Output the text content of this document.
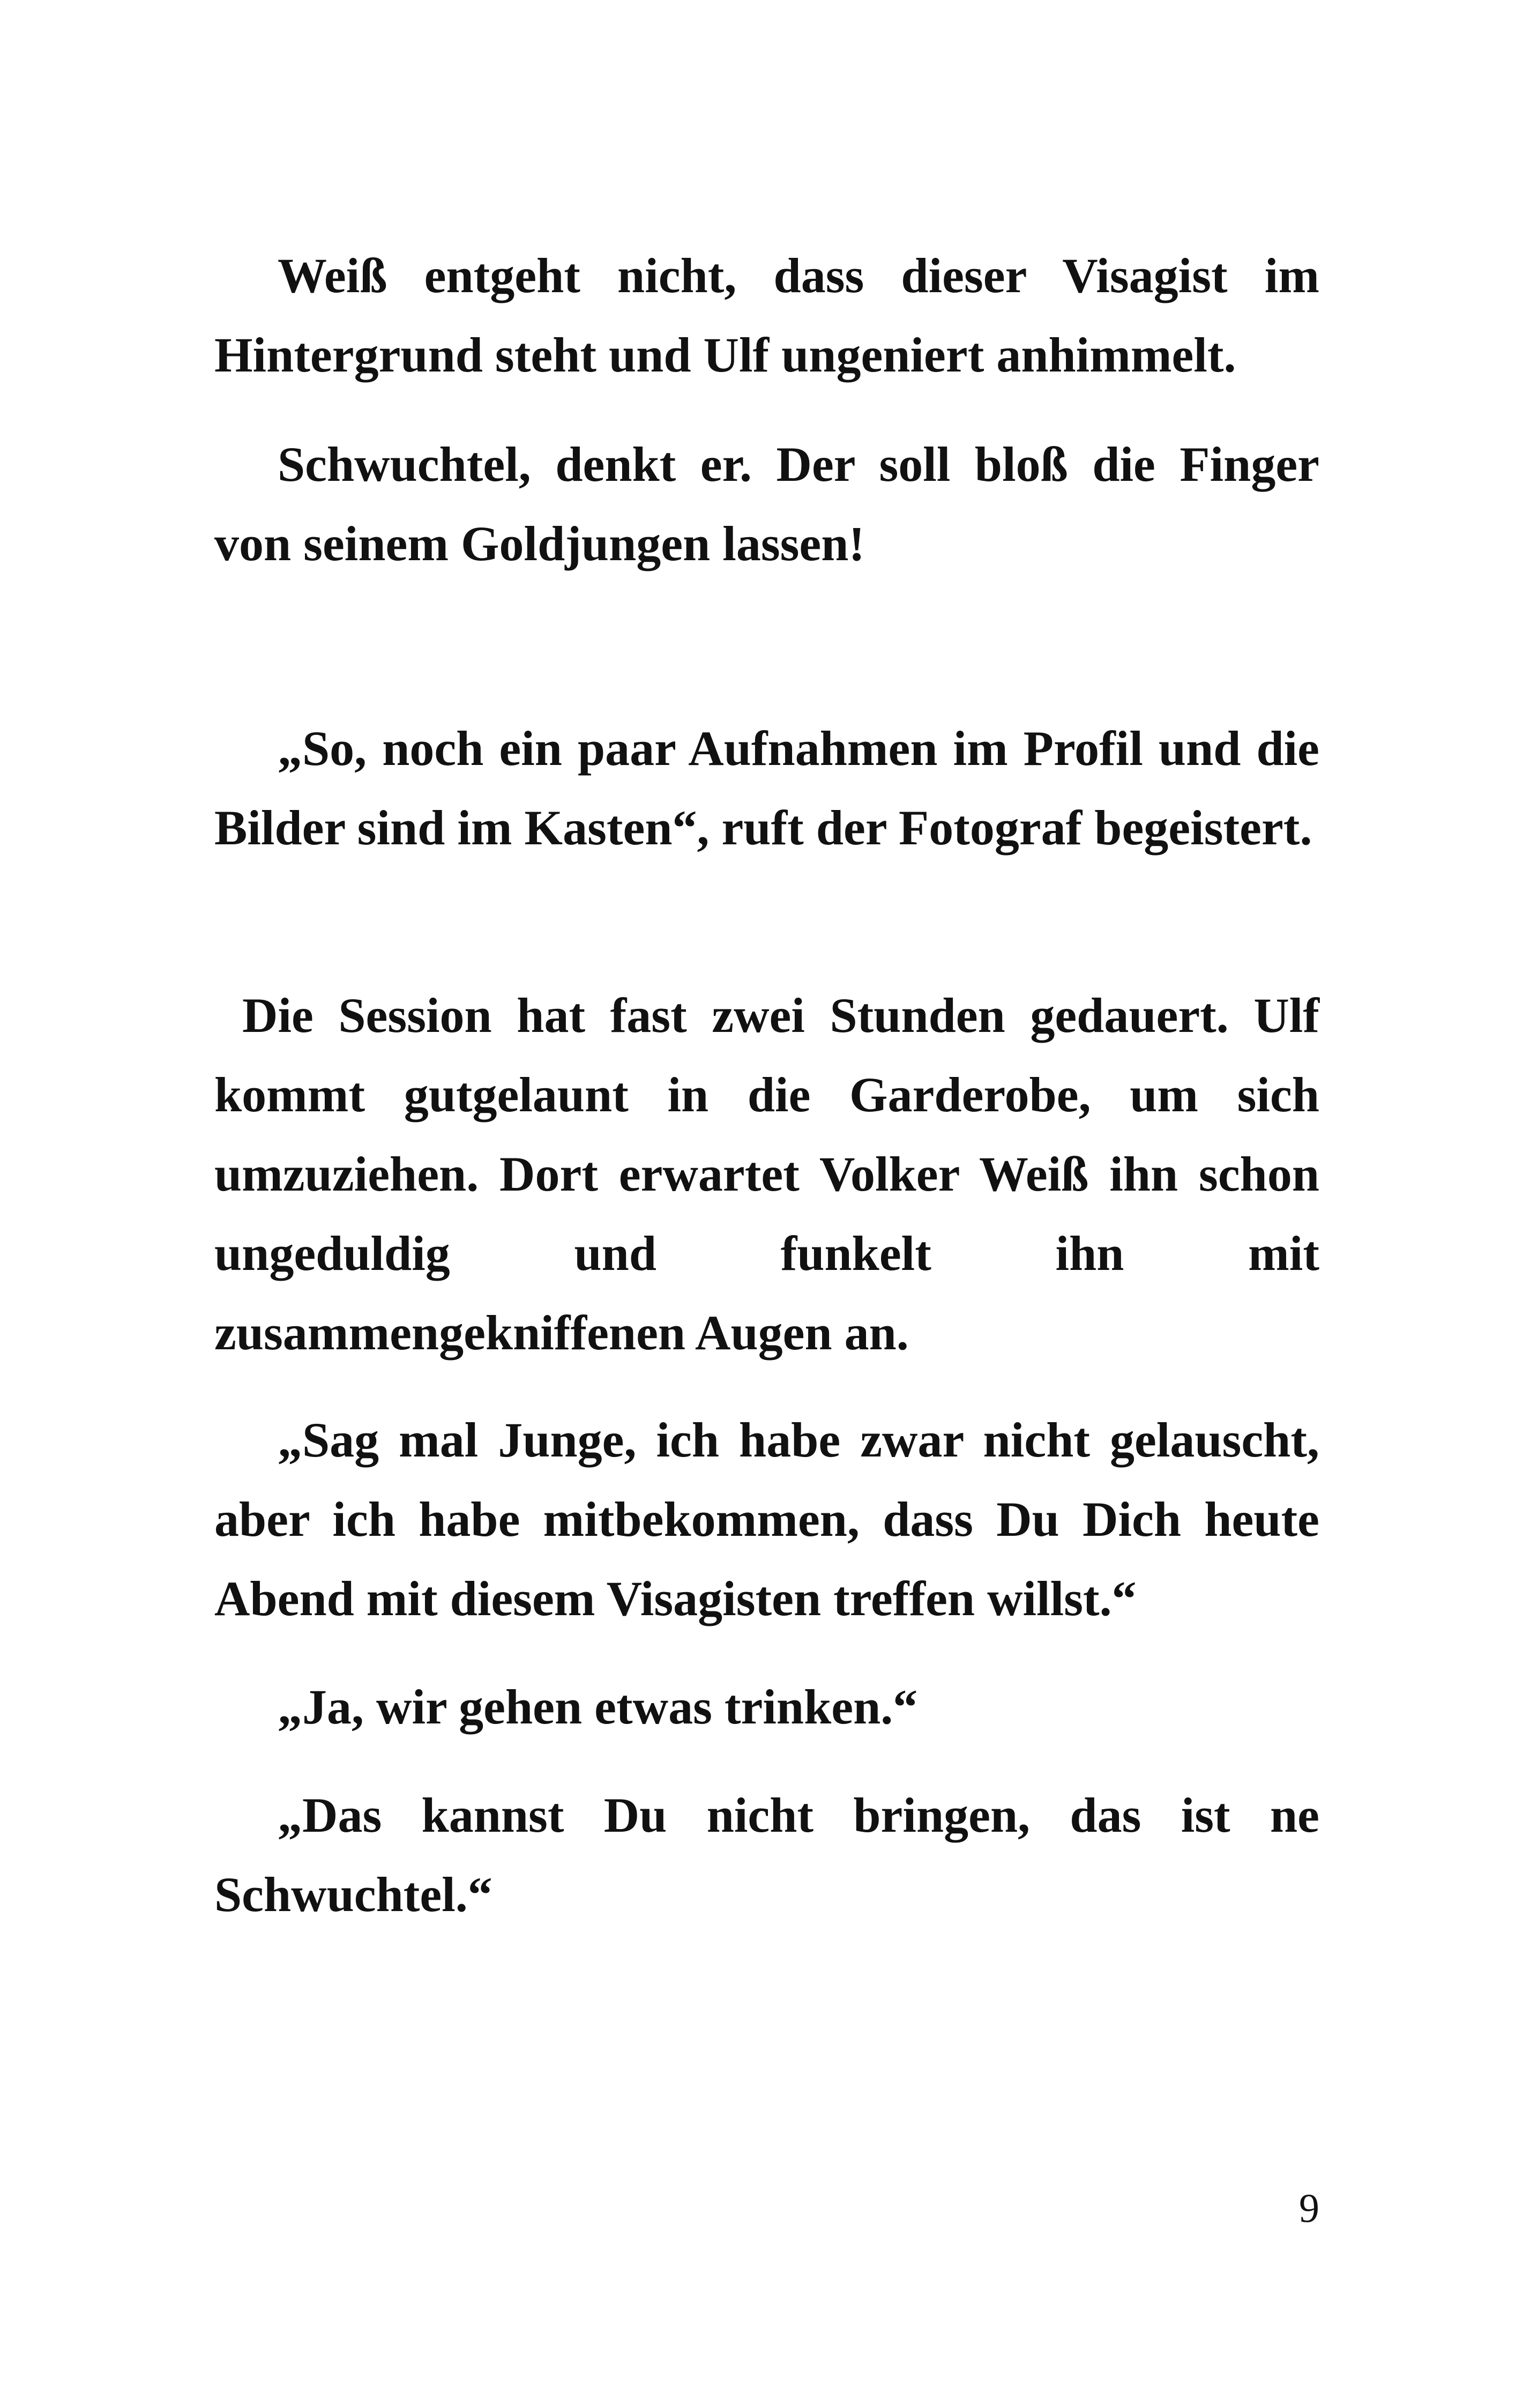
Weiß entgeht nicht, dass dieser Visagist im Hintergrund steht und Ulf ungeniert anhimmelt.

Schwuchtel, denkt er. Der soll bloß die Finger von seinem Goldjungen lassen!

„So, noch ein paar Aufnahmen im Profil und die Bilder sind im Kasten“, ruft der Fotograf begeistert.

Die Session hat fast zwei Stunden gedauert. Ulf kommt gutgelaunt in die Garderobe, um sich umzuziehen. Dort erwartet Volker Weiß ihn schon ungeduldig und funkelt ihn mit zusammengekniffenen Augen an.

„Sag mal Junge, ich habe zwar nicht gelauscht, aber ich habe mitbekommen, dass Du Dich heute Abend mit diesem Visagisten treffen willst.“

„Ja, wir gehen etwas trinken.“

„Das kannst Du nicht bringen, das ist ne Schwuchtel.“

9
